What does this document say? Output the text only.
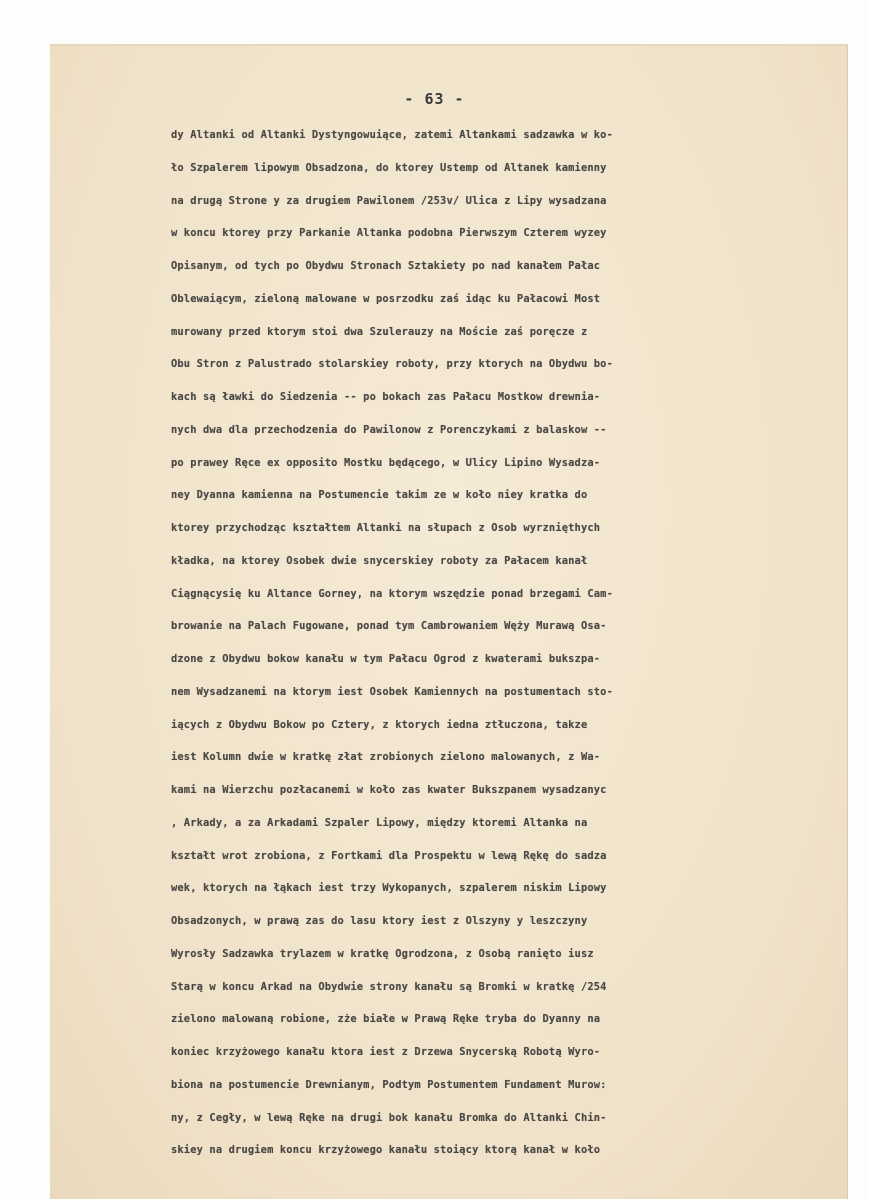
- 63 -
dy Altanki od Altanki Dystyngowuiące, zatemi Altankami sadzawka w ko-
ło Szpalerem lipowym Obsadzona, do ktorey Ustemp od Altanek kamienny
na drugą Strone y za drugiem Pawilonem /253v/ Ulica z Lipy wysadzana
w koncu ktorey przy Parkanie Altanka podobna Pierwszym Czterem wyzey
Opisanym, od tych po Obydwu Stronach Sztakiety po nad kanałem Pałac
Oblewaiącym, zieloną malowane w posrzodku zaś idąc ku Pałacowi Most
murowany przed ktorym stoi dwa Szulerauzy na Moście zaś poręcze z
Obu Stron z Palustrado stolarskiey roboty, przy ktorych na Obydwu bo-
kach są ławki do Siedzenia -- po bokach zas Pałacu Mostkow drewnia-
nych dwa dla przechodzenia do Pawilonow z Porenczykami z balaskow --
po prawey Ręce ex opposito Mostku będącego, w Ulicy Lipino Wysadza-
ney Dyanna kamienna na Postumencie takim ze w koło niey kratka do
ktorey przychodząc kształtem Altanki na słupach z Osob wyrznięthych
kładka, na ktorey Osobek dwie snycerskiey roboty za Pałacem kanał
Ciągnącysię ku Altance Gorney, na ktorym wszędzie ponad brzegami Cam-
browanie na Palach Fugowane, ponad tym Cambrowaniem Węży Murawą Osa-
dzone z Obydwu bokow kanału w tym Pałacu Ogrod z kwaterami bukszpa-
nem Wysadzanemi na ktorym iest Osobek Kamiennych na postumentach sto-
iących z Obydwu Bokow po Cztery, z ktorych iedna ztłuczona, takze
iest Kolumn dwie w kratkę złat zrobionych zielono malowanych, z Wa-
kami na Wierzchu pozłacanemi w koło zas kwater Bukszpanem wysadzanyc
, Arkady, a za Arkadami Szpaler Lipowy, między ktoremi Altanka na
kształt wrot zrobiona, z Fortkami dla Prospektu w lewą Rękę do sadza
wek, ktorych na łąkach iest trzy Wykopanych, szpalerem niskim Lipowy
Obsadzonych, w prawą zas do lasu ktory iest z Olszyny y leszczyny
Wyrosły Sadzawka trylazem w kratkę Ogrodzona, z Osobą ranięto iusz
Starą w koncu Arkad na Obydwie strony kanału są Bromki w kratkę /254
zielono malowaną robione, zże białe w Prawą Ręke tryba do Dyanny na
koniec krzyżowego kanału ktora iest z Drzewa Snycerską Robotą Wyro-
biona na postumencie Drewnianym, Podtym Postumentem Fundament Murow:
ny, z Cegły, w lewą Ręke na drugi bok kanału Bromka do Altanki Chin-
skiey na drugiem koncu krzyżowego kanału stoiący ktorą kanał w koło
